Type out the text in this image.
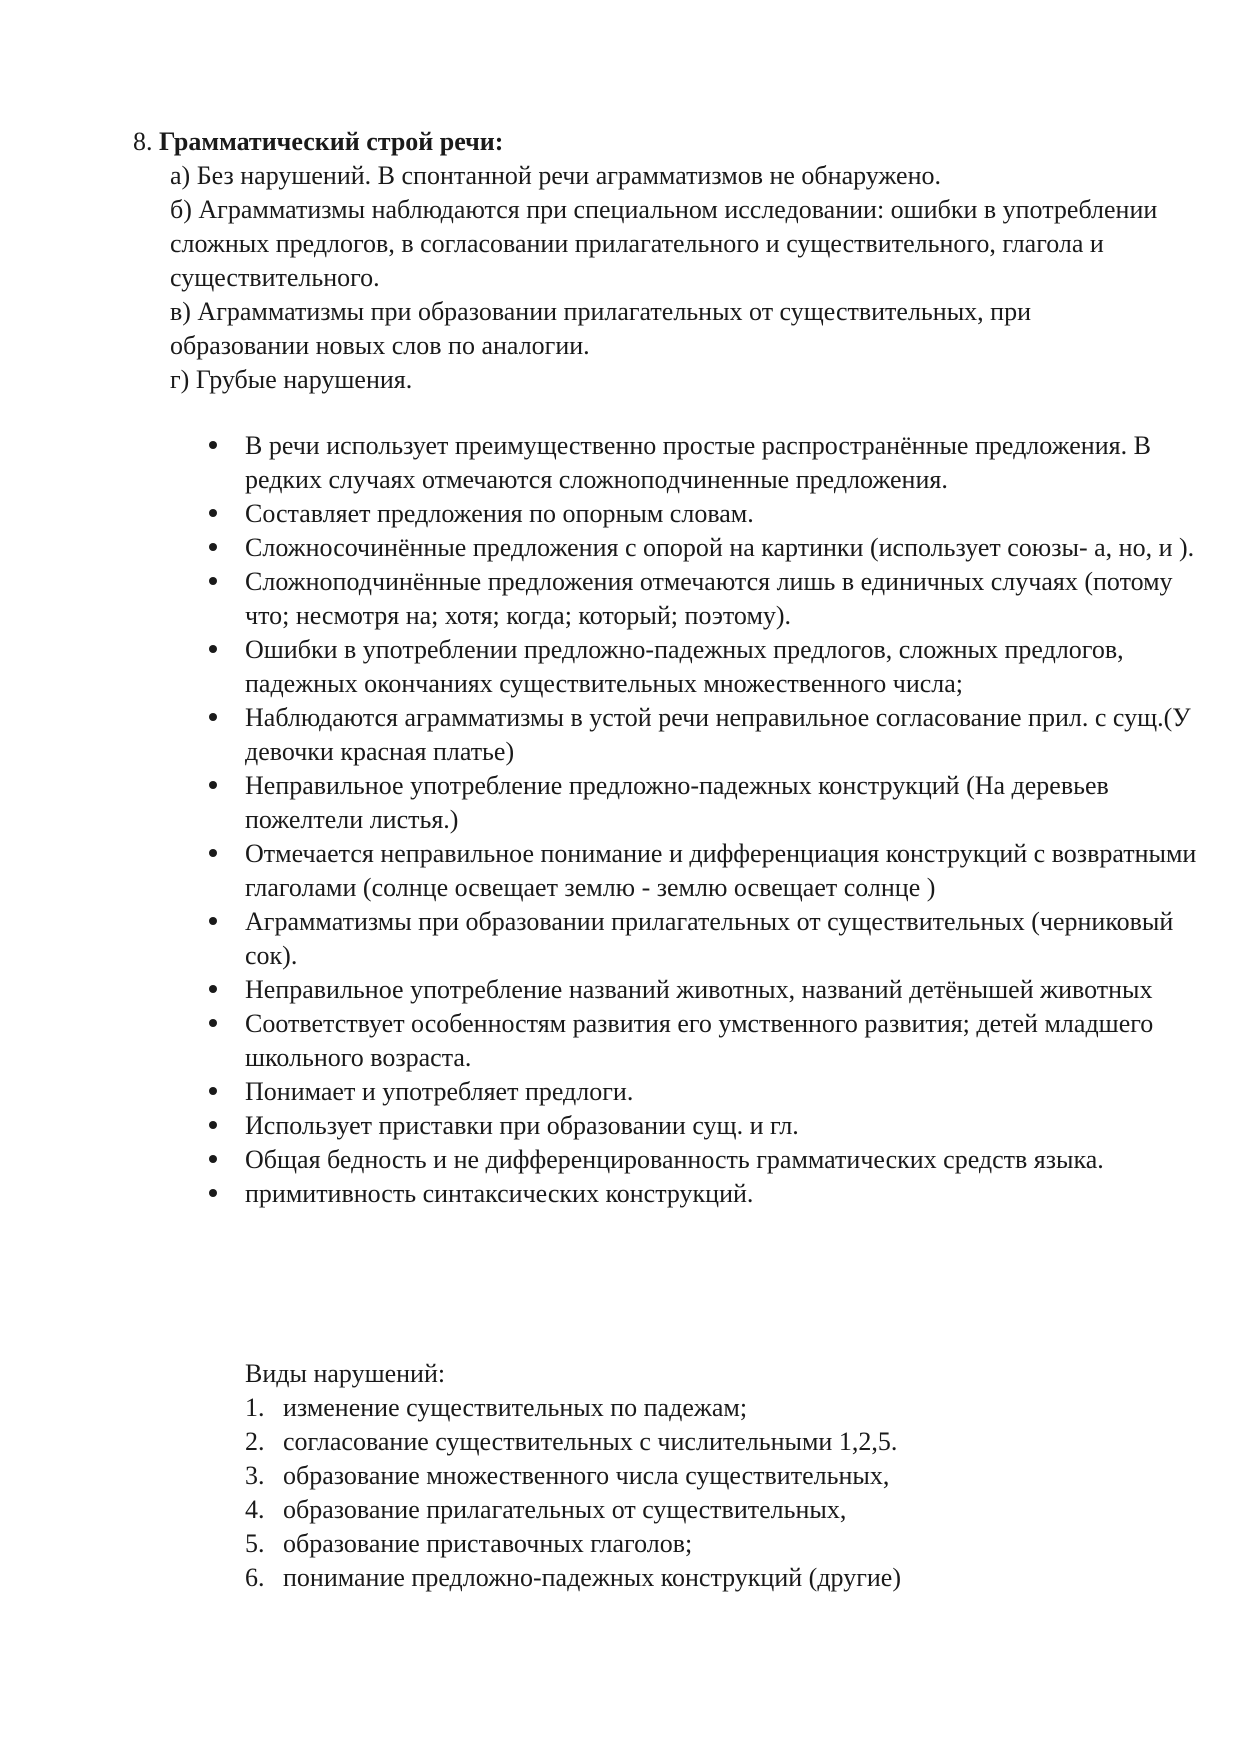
8. Грамматический строй речи:

а) Без нарушений. В спонтанной речи аграмматизмов не обнаружено.

б) Аграмматизмы наблюдаются при специальном исследовании: ошибки в употреблении сложных предлогов, в согласовании прилагательного и существительного, глагола и существительного.

в) Аграмматизмы при образовании прилагательных от существительных, при образовании новых слов по аналогии.

г) Грубые нарушения.

В речи использует преимущественно простые распространённые предложения. В редких случаях отмечаются сложноподчиненные предложения.
Составляет предложения по опорным словам.
Сложносочинённые предложения с опорой на картинки (использует союзы- а, но, и ).
Сложноподчинённые предложения отмечаются лишь в единичных случаях (потому что; несмотря на; хотя; когда; который; поэтому).
Ошибки в употреблении предложно-падежных предлогов, сложных предлогов, падежных окончаниях существительных множественного числа;
Наблюдаются аграмматизмы в устой речи неправильное согласование прил. с сущ.(У девочки красная платье)
Неправильное употребление предложно-падежных конструкций (На деревьев пожелтели листья.)
Отмечается неправильное понимание и дифференциация конструкций с возвратными глаголами (солнце освещает землю - землю освещает солнце )
Аграмматизмы при образовании прилагательных от существительных (черниковый сок).
Неправильное употребление названий животных, названий детёнышей животных
Соответствует особенностям развития его умственного развития; детей младшего школьного возраста.
Понимает и употребляет предлоги.
Использует приставки при образовании сущ. и гл.
Общая бедность и не дифференцированность грамматических средств языка.
примитивность синтаксических конструкций.
Виды нарушений:
1. изменение существительных по падежам;
2. согласование существительных с числительными 1,2,5.
3. образование множественного числа существительных,
4. образование прилагательных от существительных,
5. образование приставочных глаголов;
6. понимание предложно-падежных конструкций (другие)
